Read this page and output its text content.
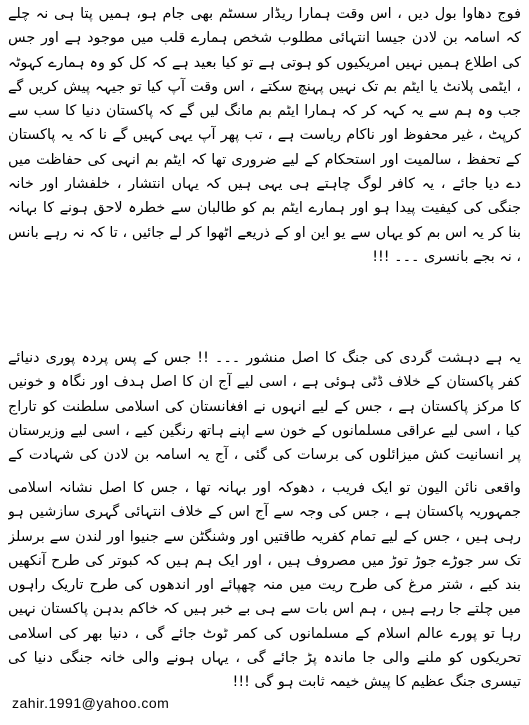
فوج دھاوا بول دیں ، اس وقت ہمارا ریڈار سسٹم بھی جام ہو، ہمیں پتا ہی نہ چلے کہ اسامہ بن لادن جیسا انتہائی مطلوب شخص ہمارے قلب میں موجود ہے اور جس کی اطلاع ہمیں نہیں امریکیوں کو ہوتی ہے تو کیا بعید ہے کہ کل کو وہ ہمارے کہوٹہ ، ایٹمی پلانٹ یا ایٹم بم تک نہیں پہنچ سکتے ، اس وقت آپ کیا تو جیہہ پیش کریں گے جب وہ ہم سے یہ کہہ کر کہ ہمارا ایٹم بم مانگ لیں گے کہ پاکستان دنیا کا سب سے کرپٹ ، غیر محفوظ اور ناکام ریاست ہے ، تب پھر آپ یہی کہیں گے نا کہ یہ پاکستان کے تحفظ ، سالمیت اور استحکام کے لیے ضروری تھا کہ ایٹم بم انہی کی حفاظت میں دے دیا جائے ، یہ کافر لوگ چاہتے ہی یہی ہیں کہ یہاں انتشار ، خلفشار اور خانہ جنگی کی کیفیت پیدا ہو اور ہمارے ایٹم بم کو طالبان سے خطرہ لاحق ہونے کا بہانہ بنا کر یہ اس بم کو یہاں سے یو این او کے ذریعے اٹھوا کر لے جائیں ، تا کہ نہ رہے بانس ، نہ بجے بانسری ۔۔۔ !!!

یہ ہے دہشت گردی کی جنگ کا اصل منشور ۔۔۔ !! جس کے پس پردہ پوری دنیائے کفر پاکستان کے خلاف ڈٹی ہوئی ہے ، اسی لیے آج ان کا اصل ہدف اور نگاہ و خونیں کا مرکز پاکستان ہے ، جس کے لیے انہوں نے افغانستان کی اسلامی سلطنت کو تاراج کیا ، اسی لیے عراقی مسلمانوں کے خون سے اپنے ہاتھ رنگین کیے ، اسی لیے وزیرستان پر انسانیت کش میزائلوں کی برسات کی گئی ، آج یہ اسامہ بن لادن کی شہادت کے

واقعی نائن الیون تو ایک فریب ، دھوکہ اور بہانہ تھا ، جس کا اصل نشانہ اسلامی جمہوریہ پاکستان ہے ، جس کی وجہ سے آج اس کے خلاف انتہائی گہری سازشیں ہو رہی ہیں ، جس کے لیے تمام کفریہ طاقتیں اور وشنگٹن سے جنیوا اور لندن سے برسلز تک سر جوڑے جوڑ توڑ میں مصروف ہیں ، اور ایک ہم ہیں کہ کبوتر کی طرح آنکھیں بند کیے ، شتر مرغ کی طرح ریت میں منہ چھپائے اور اندھوں کی طرح تاریک راہوں میں چلتے جا رہے ہیں ، ہم اس بات سے ہی بے خبر ہیں کہ خاکم بدہن پاکستان نہیں رہا تو پورے عالم اسلام کے مسلمانوں کی کمر ٹوٹ جائے گی ، دنیا بھر کی اسلامی تحریکوں کو ملنے والی جا ماندہ پڑ جائے گی ، یہاں ہونے والی خانہ جنگی دنیا کی تیسری جنگ عظیم کا پیش خیمہ ثابت ہو گی !!!

zahir.1991@yahoo.com
